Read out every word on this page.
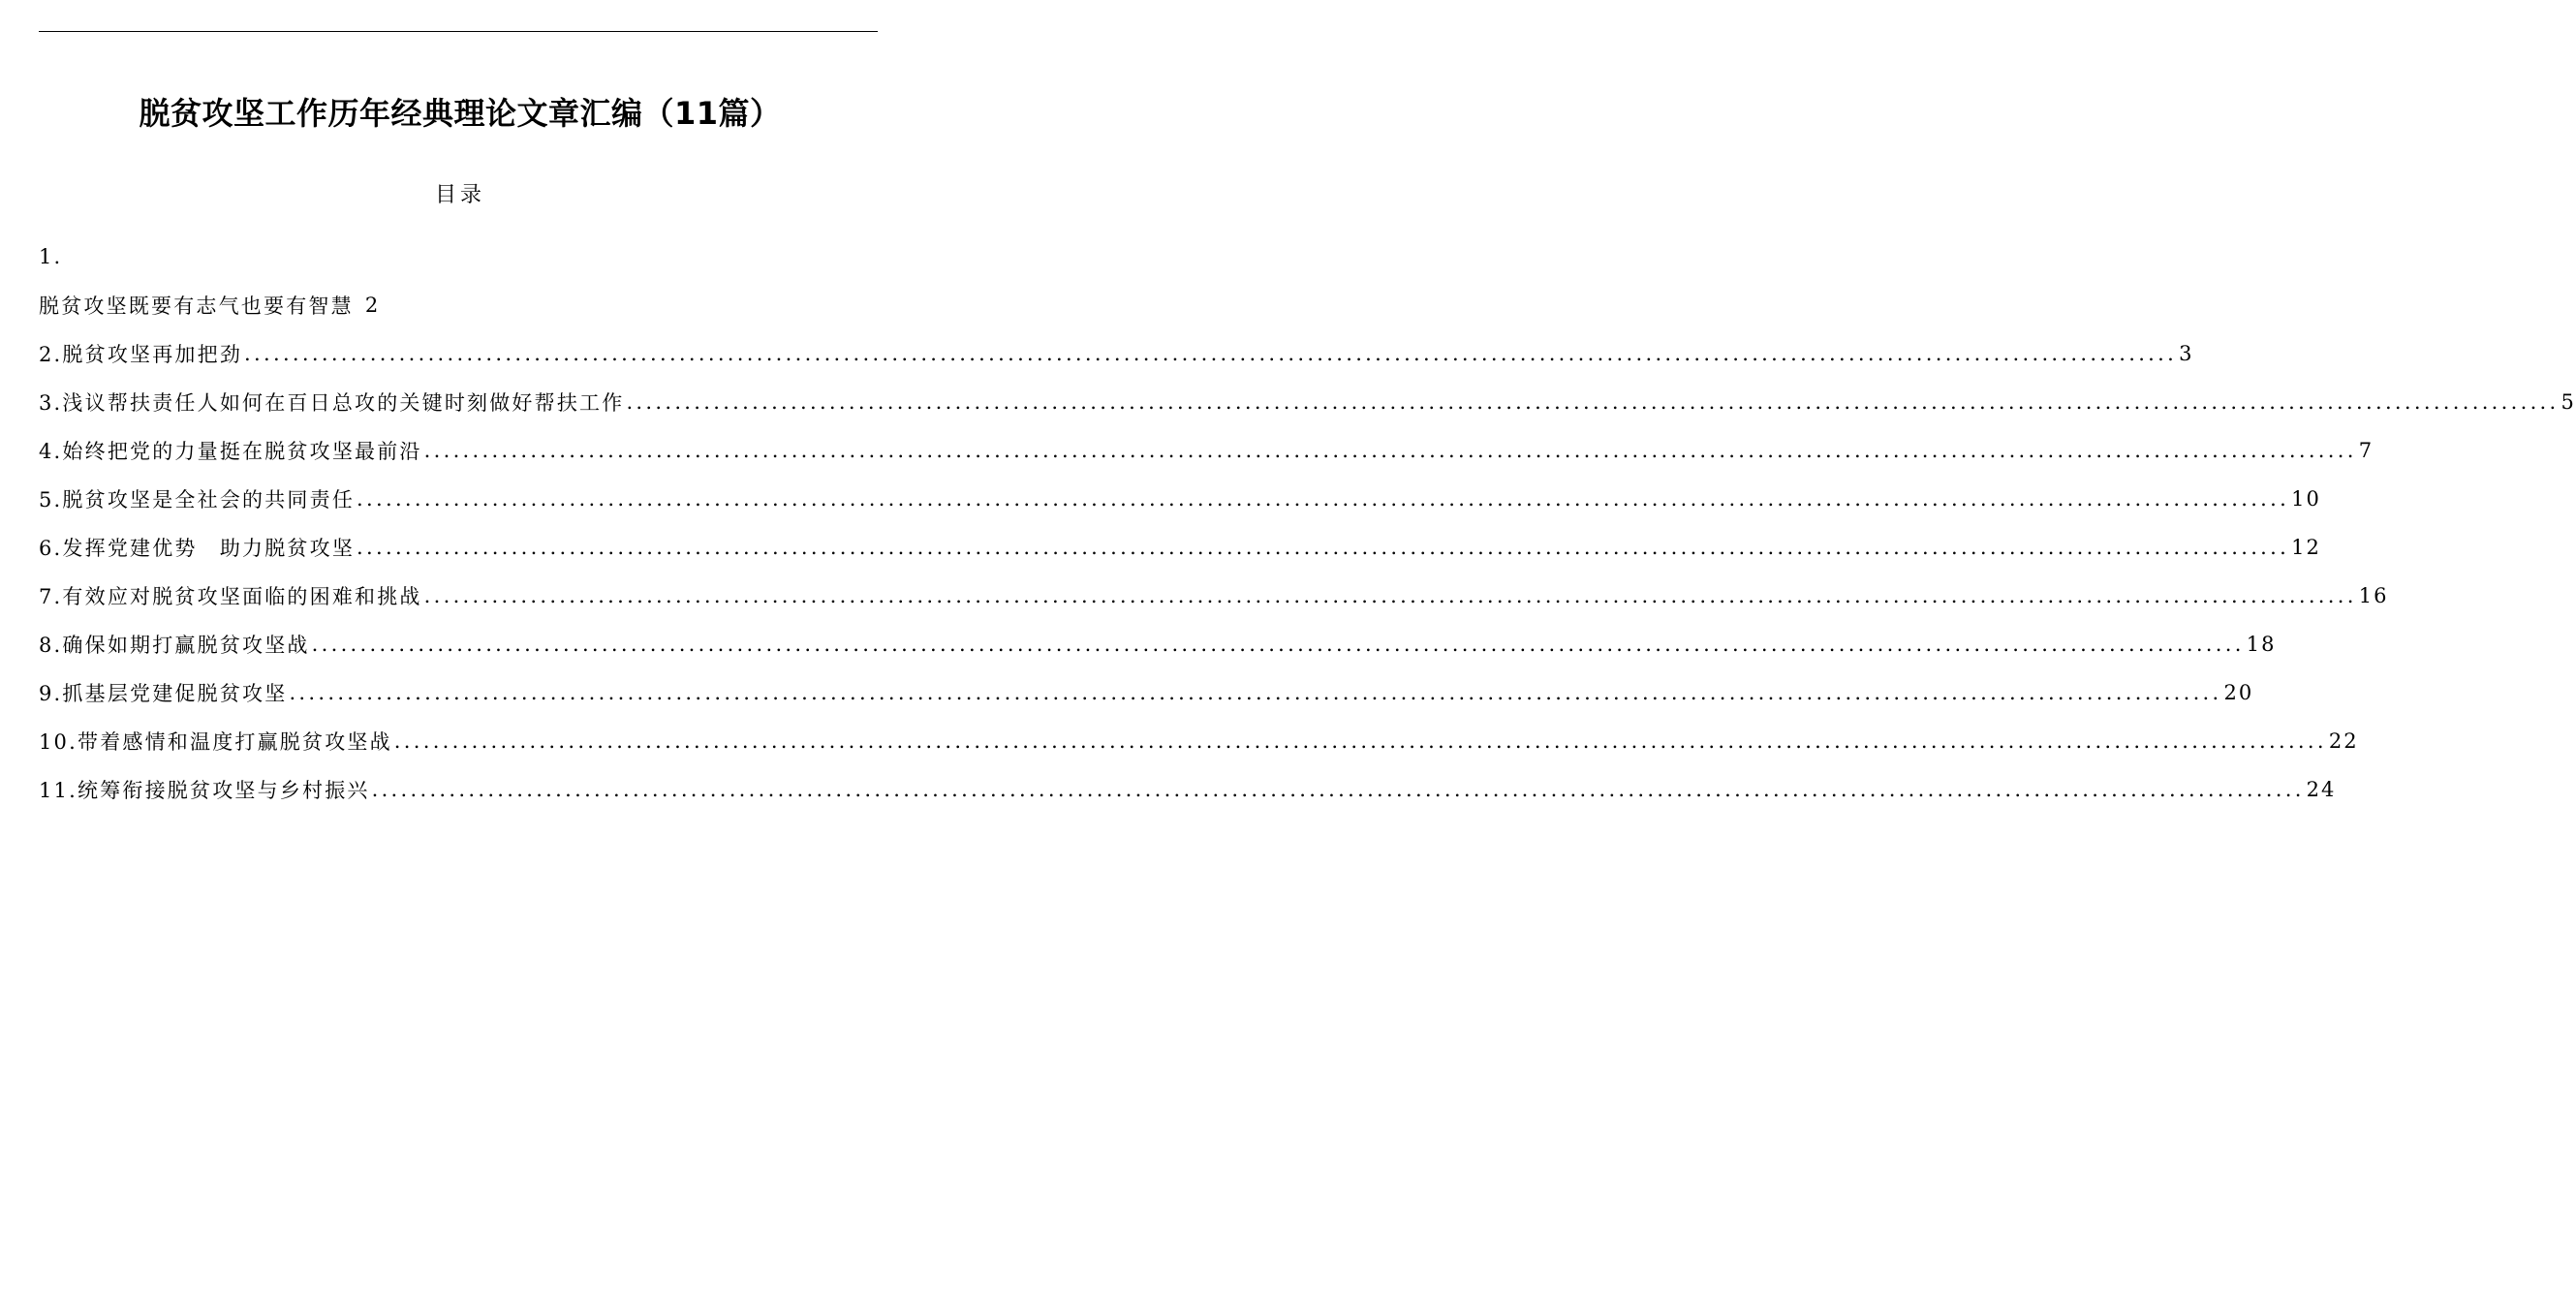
脱贫攻坚工作历年经典理论文章汇编（11篇）
目录
1.
脱贫攻坚既要有志气也要有智慧 2
2.脱贫攻坚再加把劲 ........................................................................................................................................................................................................ 3
3.浅议帮扶责任人如何在百日总攻的关键时刻做好帮扶工作 ........................................................................................................................................................................................................ 5
4.始终把党的力量挺在脱贫攻坚最前沿 ........................................................................................................................................................................................................ 7
5.脱贫攻坚是全社会的共同责任 ........................................................................................................................................................................................................ 10
6.发挥党建优势　助力脱贫攻坚 ........................................................................................................................................................................................................ 12
7.有效应对脱贫攻坚面临的困难和挑战 ........................................................................................................................................................................................................ 16
8.确保如期打赢脱贫攻坚战 ........................................................................................................................................................................................................ 18
9.抓基层党建促脱贫攻坚 ........................................................................................................................................................................................................ 20
10.带着感情和温度打赢脱贫攻坚战 ........................................................................................................................................................................................................ 22
11.统筹衔接脱贫攻坚与乡村振兴 ........................................................................................................................................................................................................ 24
